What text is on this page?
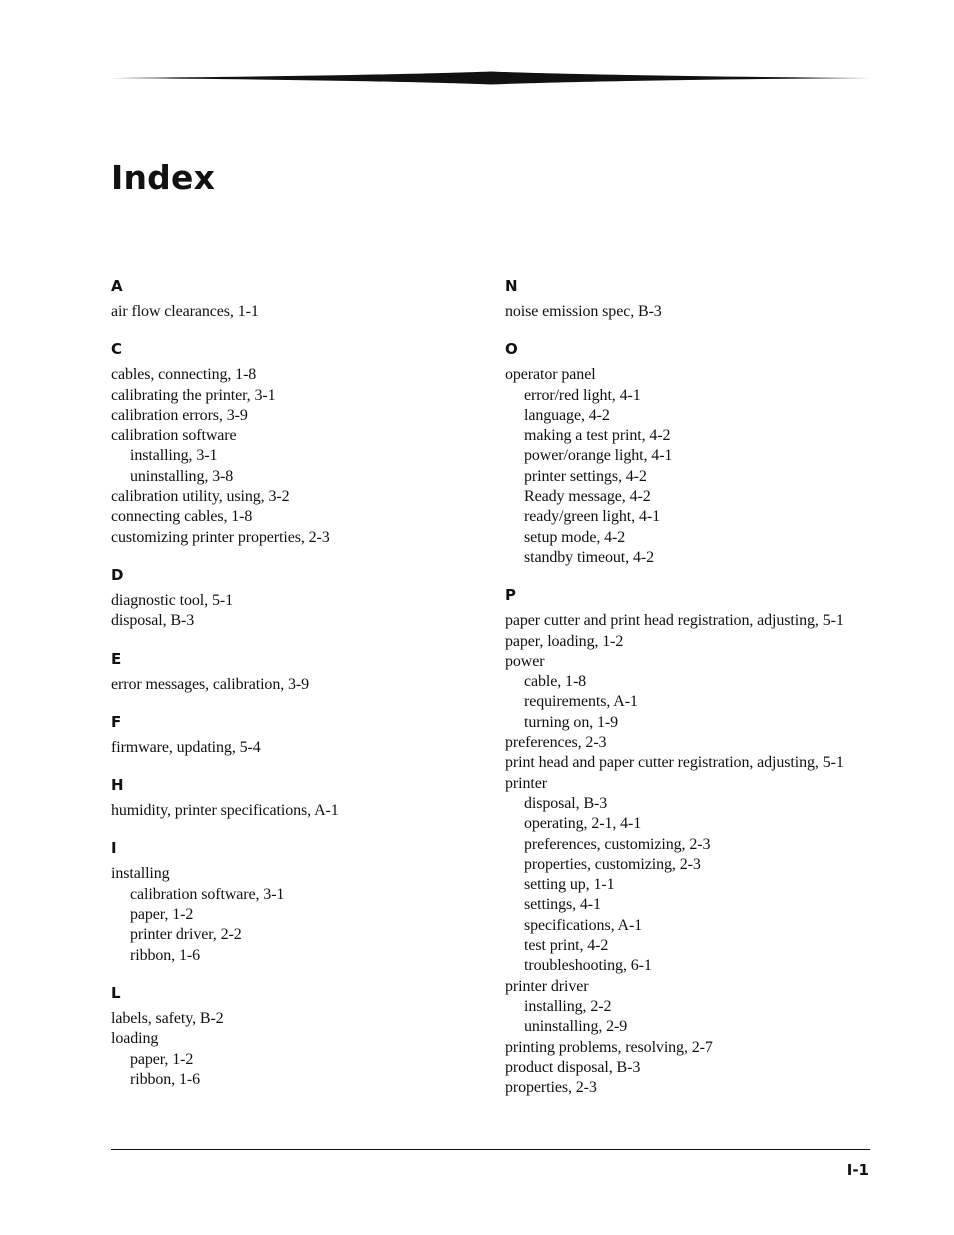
Index
A
air flow clearances, 1-1
C
cables, connecting, 1-8
calibrating the printer, 3-1
calibration errors, 3-9
calibration software
installing, 3-1
uninstalling, 3-8
calibration utility, using, 3-2
connecting cables, 1-8
customizing printer properties, 2-3
D
diagnostic tool, 5-1
disposal, B-3
E
error messages, calibration, 3-9
F
firmware, updating, 5-4
H
humidity, printer specifications, A-1
I
installing
calibration software, 3-1
paper, 1-2
printer driver, 2-2
ribbon, 1-6
L
labels, safety, B-2
loading
paper, 1-2
ribbon, 1-6
N
noise emission spec, B-3
O
operator panel
error/red light, 4-1
language, 4-2
making a test print, 4-2
power/orange light, 4-1
printer settings, 4-2
Ready message, 4-2
ready/green light, 4-1
setup mode, 4-2
standby timeout, 4-2
P
paper cutter and print head registration, adjusting, 5-1
paper, loading, 1-2
power
cable, 1-8
requirements, A-1
turning on, 1-9
preferences, 2-3
print head and paper cutter registration, adjusting, 5-1
printer
disposal, B-3
operating, 2-1, 4-1
preferences, customizing, 2-3
properties, customizing, 2-3
setting up, 1-1
settings, 4-1
specifications, A-1
test print, 4-2
troubleshooting, 6-1
printer driver
installing, 2-2
uninstalling, 2-9
printing problems, resolving, 2-7
product disposal, B-3
properties, 2-3
I-1
